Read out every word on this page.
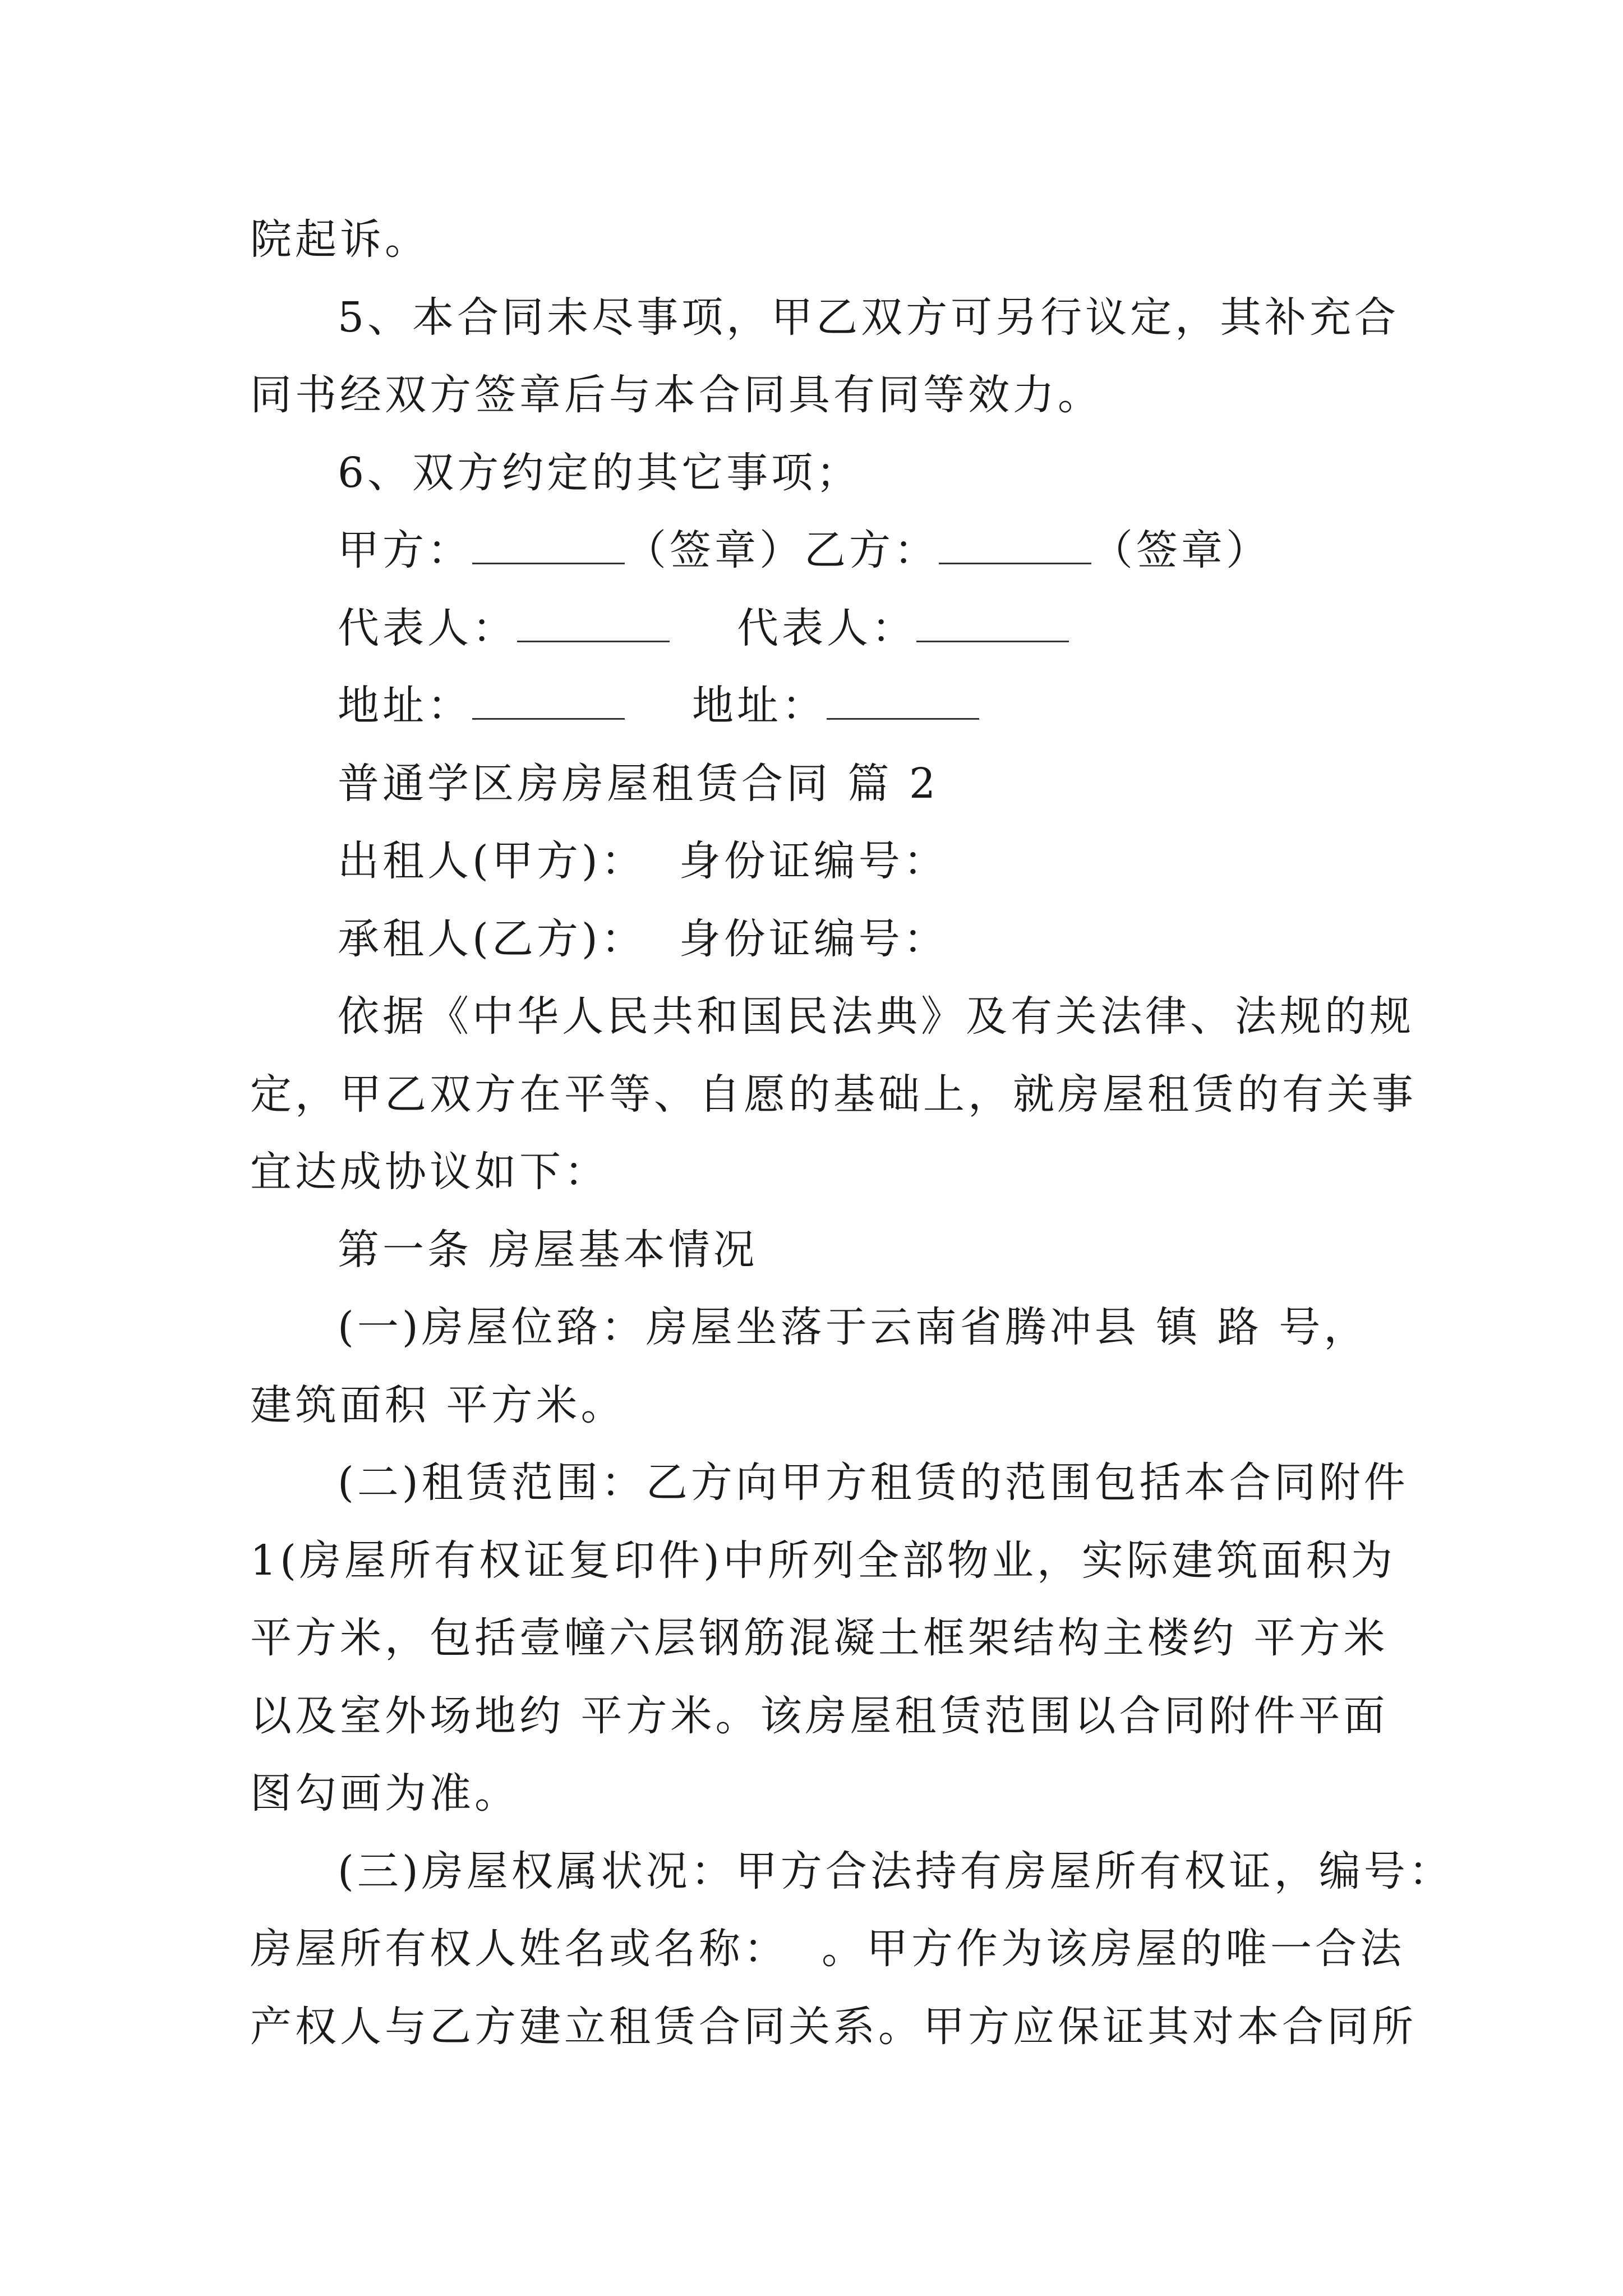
院起诉。
5、本合同未尽事项，甲乙双方可另行议定，其补充合
同书经双方签章后与本合同具有同等效力。
6、双方约定的其它事项；
甲方：	（签章）乙方：	（签章）
代表人：	代表人：
地址：	地址：
普通学区房房屋租赁合同 篇 2
出租人(甲方)：  身份证编号：
承租人(乙方)：  身份证编号：
依据《中华人民共和国民法典》及有关法律、法规的规
定，甲乙双方在平等、自愿的基础上，就房屋租赁的有关事
宜达成协议如下：
第一条 房屋基本情况
(一)房屋位臵：房屋坐落于云南省腾冲县 镇 路 号，
建筑面积 平方米。
(二)租赁范围：乙方向甲方租赁的范围包括本合同附件
1(房屋所有权证复印件)中所列全部物业，实际建筑面积为
平方米，包括壹幢六层钢筋混凝土框架结构主楼约 平方米
以及室外场地约 平方米。该房屋租赁范围以合同附件平面
图勾画为准。
(三)房屋权属状况：甲方合法持有房屋所有权证，编号：
房屋所有权人姓名或名称：  。甲方作为该房屋的唯一合法
产权人与乙方建立租赁合同关系。甲方应保证其对本合同所
